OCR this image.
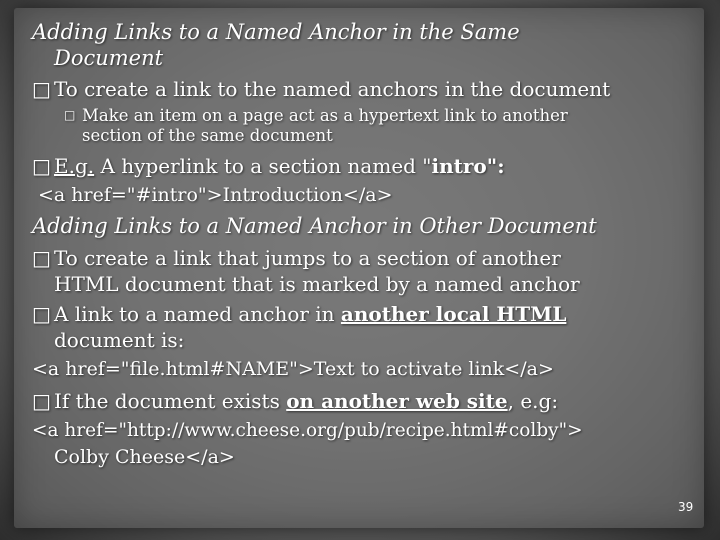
Adding Links to a Named Anchor in the Same
Document
□ To create a link to the named anchors in the document
□ Make an item on a page act as a hypertext link to another
section of the same document
□ E.g. A hyperlink to a section named "intro":
<a href="#intro">Introduction</a>
Adding Links to a Named Anchor in Other Document
□ To create a link that jumps to a section of another
HTML document that is marked by a named anchor
□ A link to a named anchor in another local HTML
document is:
<a href="file.html#NAME">Text to activate link</a>
□ If the document exists on another web site, e.g:
<a href="http://www.cheese.org/pub/recipe.html#colby">
Colby Cheese</a>
39
